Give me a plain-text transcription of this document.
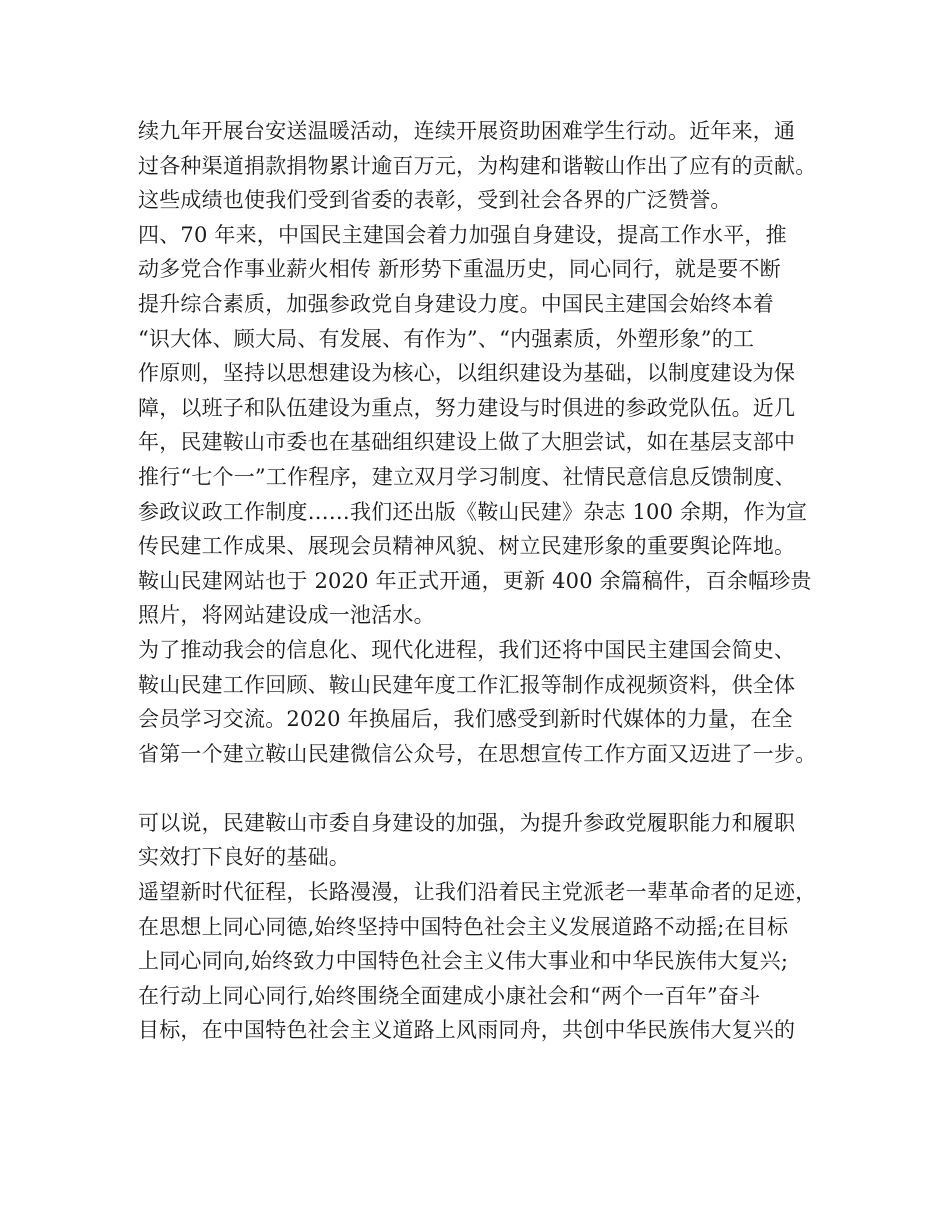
续九年开展台安送温暖活动，连续开展资助困难学生行动。近年来，通
过各种渠道捐款捐物累计逾百万元，为构建和谐鞍山作出了应有的贡献。
这些成绩也使我们受到省委的表彰，受到社会各界的广泛赞誉。
四、70 年来，中国民主建国会着力加强自身建设，提高工作水平，推
动多党合作事业薪火相传 新形势下重温历史，同心同行，就是要不断
提升综合素质，加强参政党自身建设力度。中国民主建国会始终本着
“识大体、顾大局、有发展、有作为”、“内强素质，外塑形象”的工
作原则，坚持以思想建设为核心，以组织建设为基础，以制度建设为保
障，以班子和队伍建设为重点，努力建设与时俱进的参政党队伍。近几
年，民建鞍山市委也在基础组织建设上做了大胆尝试，如在基层支部中
推行“七个一”工作程序，建立双月学习制度、社情民意信息反馈制度、
参政议政工作制度……我们还出版《鞍山民建》杂志 100 余期，作为宣
传民建工作成果、展现会员精神风貌、树立民建形象的重要舆论阵地。
鞍山民建网站也于 2020 年正式开通，更新 400 余篇稿件，百余幅珍贵
照片，将网站建设成一池活水。
为了推动我会的信息化、现代化进程，我们还将中国民主建国会简史、
鞍山民建工作回顾、鞍山民建年度工作汇报等制作成视频资料，供全体
会员学习交流。2020 年换届后，我们感受到新时代媒体的力量，在全
省第一个建立鞍山民建微信公众号，在思想宣传工作方面又迈进了一步。
可以说，民建鞍山市委自身建设的加强，为提升参政党履职能力和履职
实效打下良好的基础。
遥望新时代征程，长路漫漫，让我们沿着民主党派老一辈革命者的足迹，
在思想上同心同德,始终坚持中国特色社会主义发展道路不动摇;在目标
上同心同向,始终致力中国特色社会主义伟大事业和中华民族伟大复兴;
在行动上同心同行,始终围绕全面建成小康社会和“两个一百年”奋斗
目标，在中国特色社会主义道路上风雨同舟，共创中华民族伟大复兴的
